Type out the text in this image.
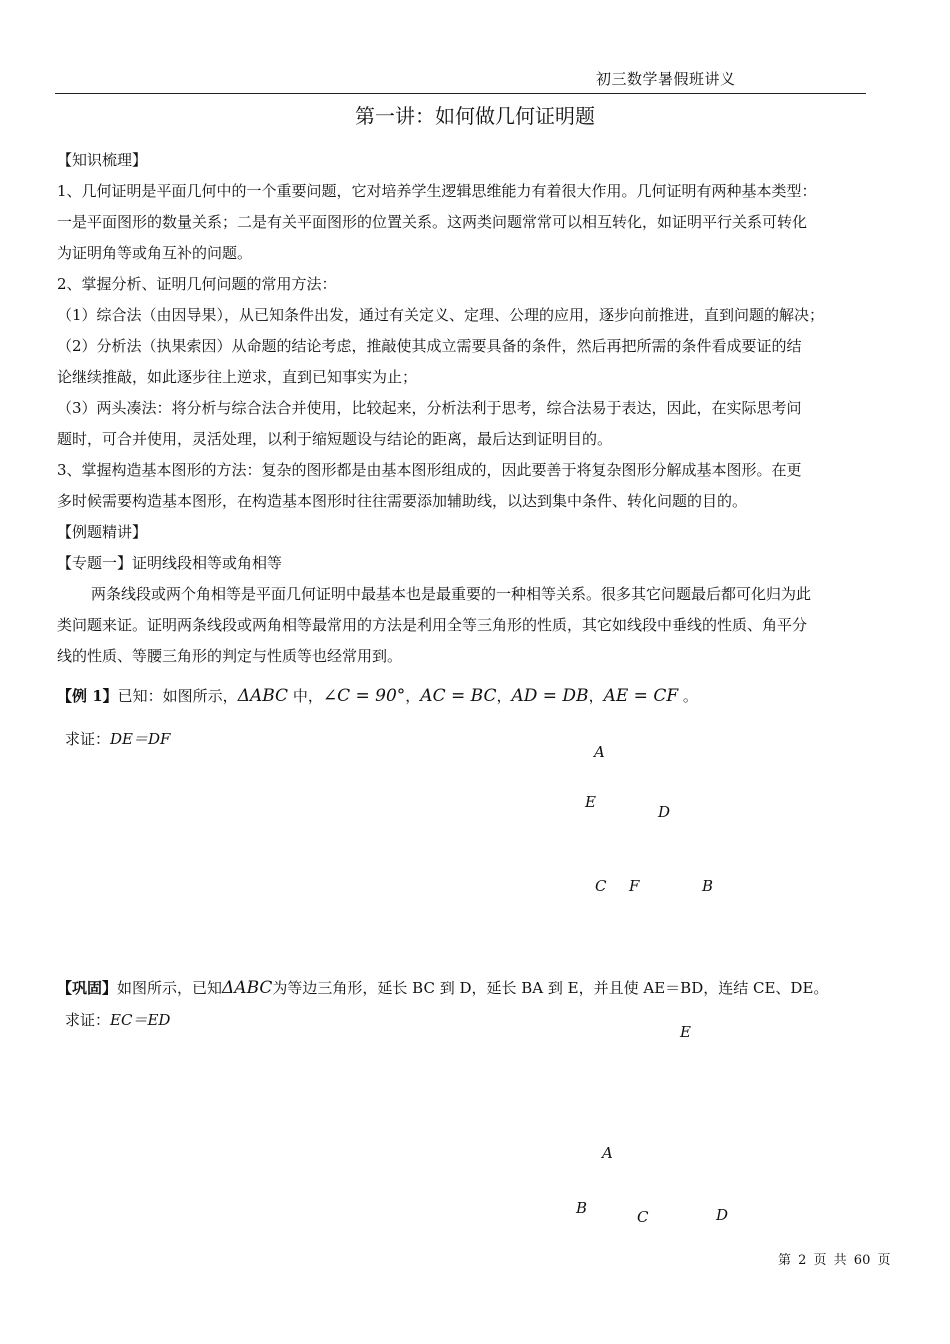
初三数学暑假班讲义
第一讲：如何做几何证明题
【知识梳理】
1、几何证明是平面几何中的一个重要问题，它对培养学生逻辑思维能力有着很大作用。几何证明有两种基本类型：
一是平面图形的数量关系；二是有关平面图形的位置关系。这两类问题常常可以相互转化，如证明平行关系可转化
为证明角等或角互补的问题。
2、掌握分析、证明几何问题的常用方法：
（1）综合法（由因导果），从已知条件出发，通过有关定义、定理、公理的应用，逐步向前推进，直到问题的解决；
（2）分析法（执果索因）从命题的结论考虑，推敲使其成立需要具备的条件，然后再把所需的条件看成要证的结
论继续推敲，如此逐步往上逆求，直到已知事实为止；
（3）两头凑法：将分析与综合法合并使用，比较起来，分析法利于思考，综合法易于表达，因此，在实际思考问
题时，可合并使用，灵活处理，以利于缩短题设与结论的距离，最后达到证明目的。
3、掌握构造基本图形的方法：复杂的图形都是由基本图形组成的，因此要善于将复杂图形分解成基本图形。在更
多时候需要构造基本图形，在构造基本图形时往往需要添加辅助线，以达到集中条件、转化问题的目的。
【例题精讲】
【专题一】证明线段相等或角相等
两条线段或两个角相等是平面几何证明中最基本也是最重要的一种相等关系。很多其它问题最后都可化归为此
类问题来证。证明两条线段或两角相等最常用的方法是利用全等三角形的性质，其它如线段中垂线的性质、角平分
线的性质、等腰三角形的判定与性质等也经常用到。
【例 1】已知：如图所示，ΔABC 中，∠C = 90°，AC = BC，AD = DB，AE = CF 。
求证：DE＝DF
A
E
D
C F	B
【巩固】如图所示，已知ΔABC为等边三角形，延长 BC 到 D，延长 BA 到 E，并且使 AE＝BD，连结 CE、DE。
求证：EC＝ED
E
A
B	C	D
第 2 页 共 60 页
